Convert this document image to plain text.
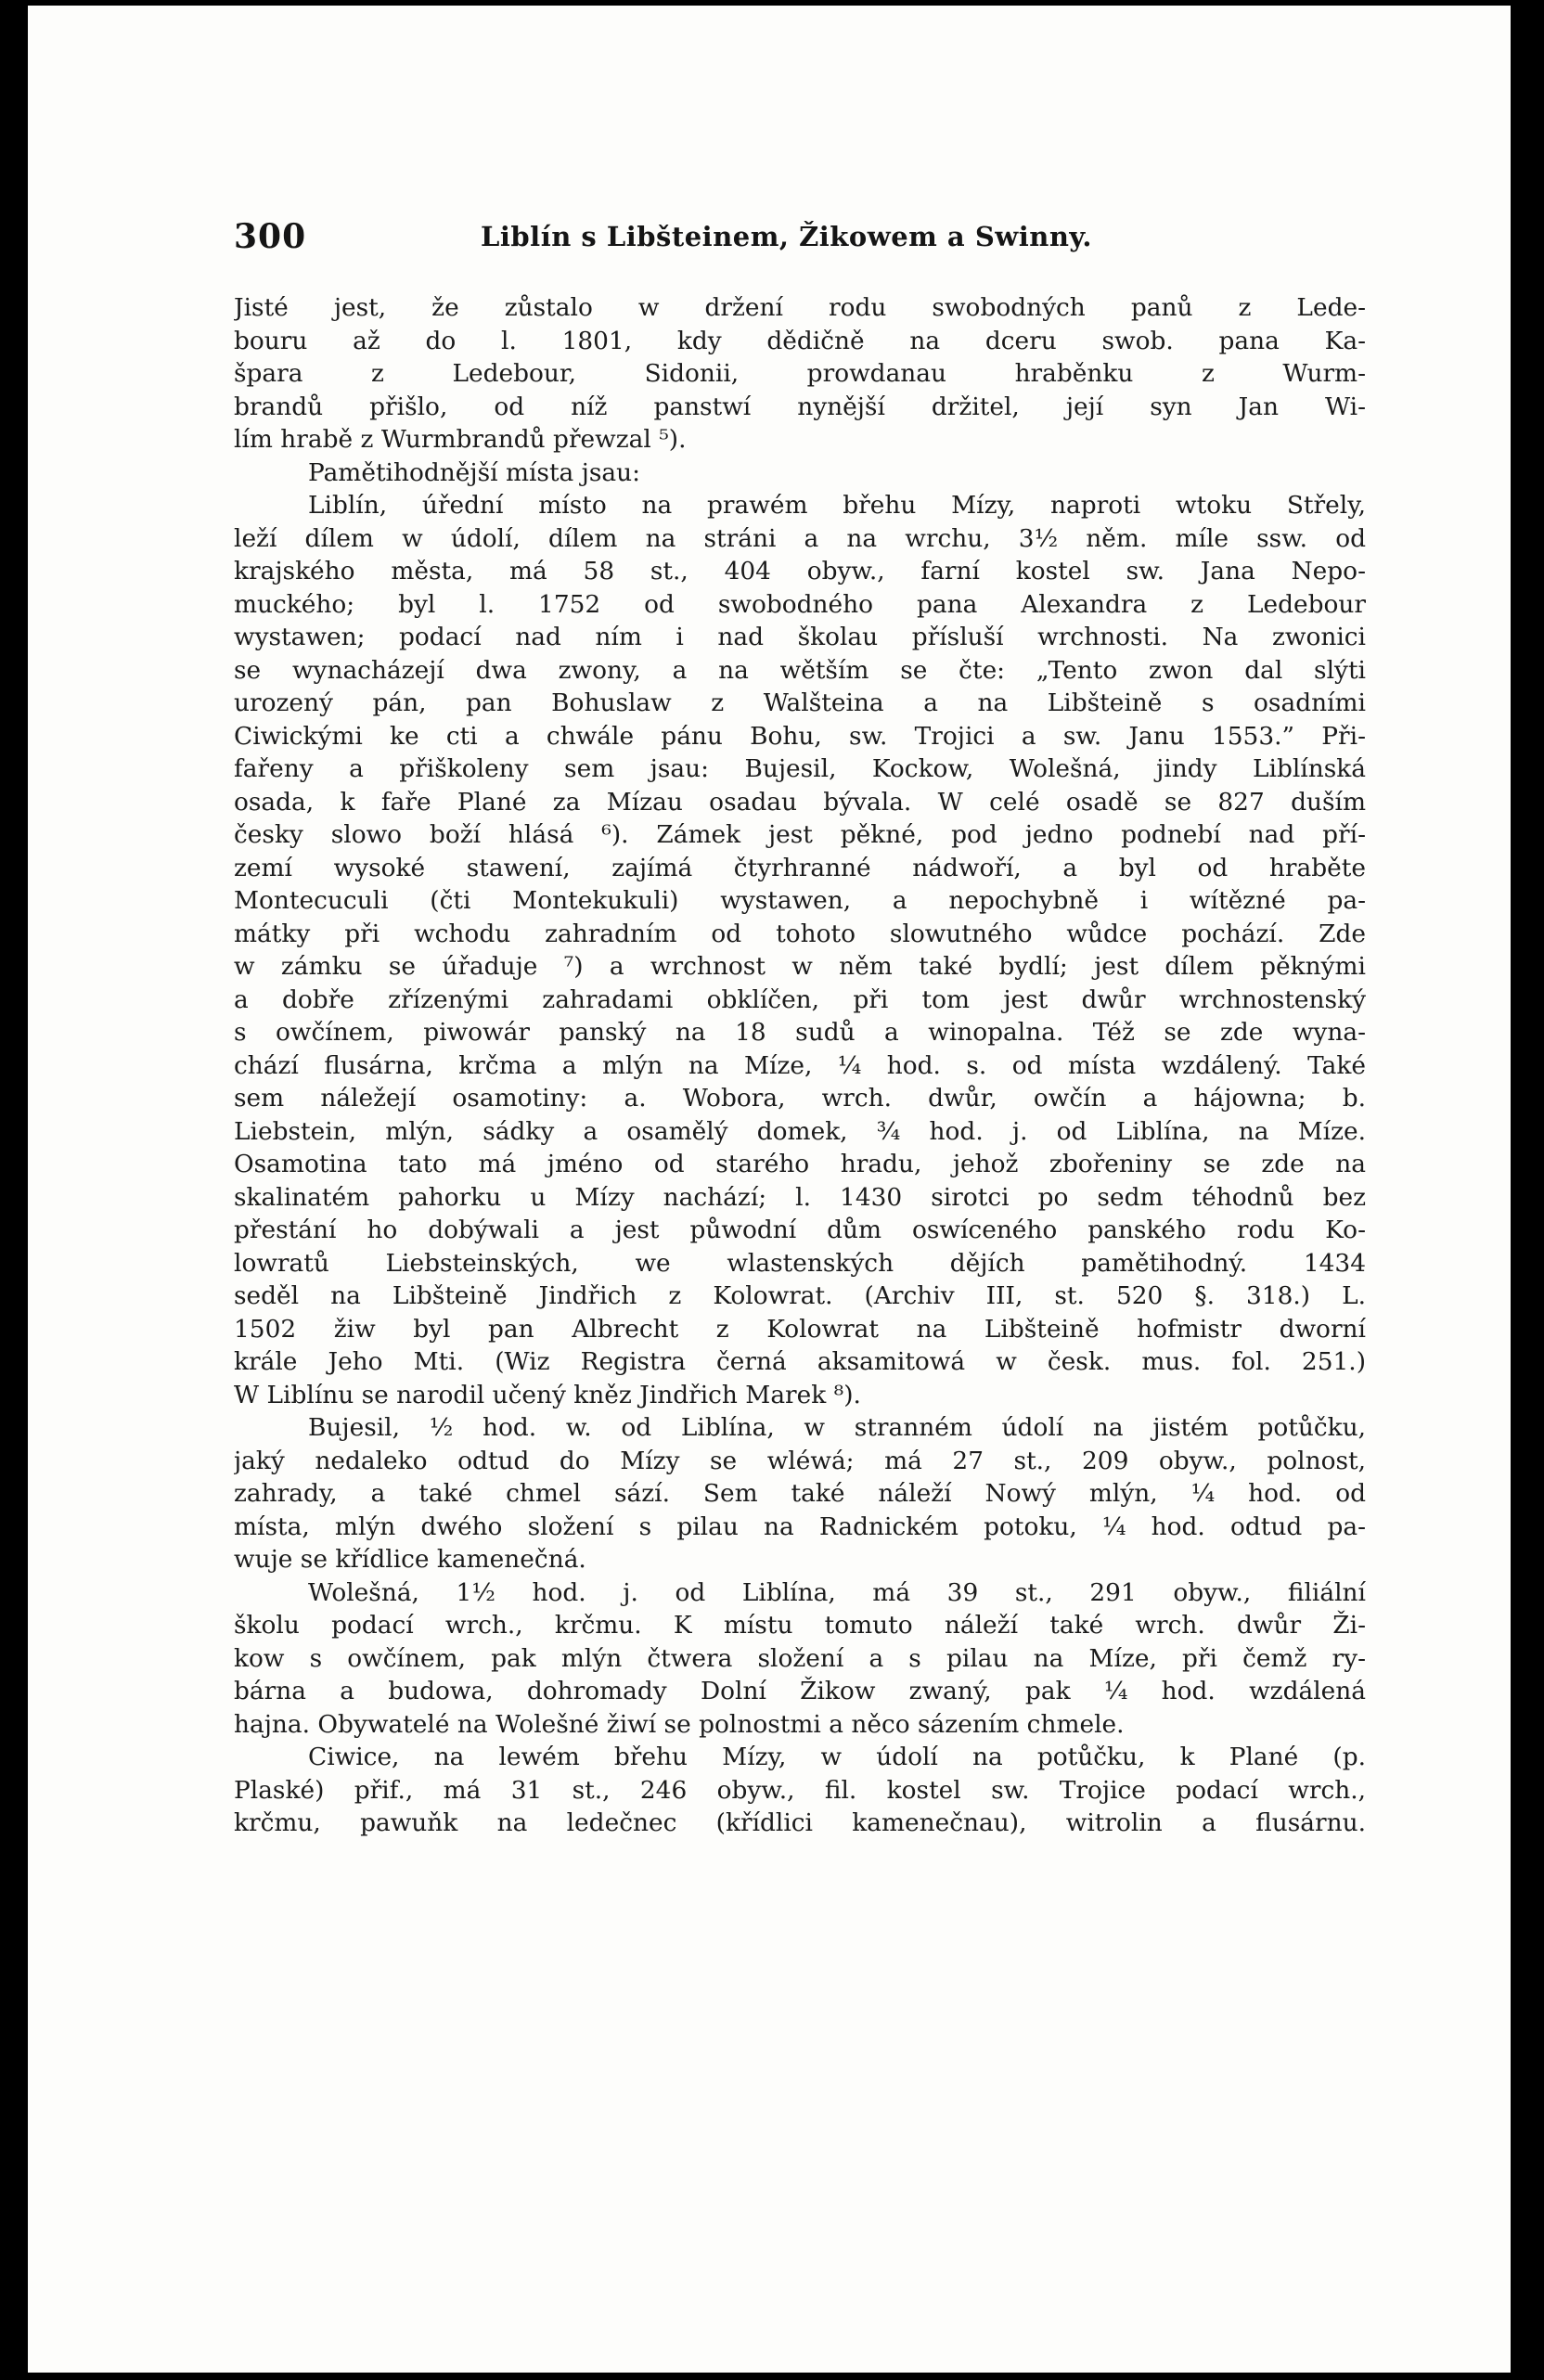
300	Liblín s Libšteinem, Žikowem a Swinny.
Jisté jest, že zůstalo w držení rodu swobodných panů z Lede-
bouru až do l. 1801, kdy dědičně na dceru swob. pana Ka-
špara z Ledebour, Sidonii, prowdanau hraběnku z Wurm-
brandů přišlo, od níž panstwí nynější držitel, její syn Jan Wi-
lím hrabě z Wurmbrandů přewzal ⁵).
Pamětihodnější místa jsau:
Liblín, úřední místo na prawém břehu Mízy, naproti wtoku Střely,
leží dílem w údolí, dílem na stráni a na wrchu, 3½ něm. míle ssw. od
krajského města, má 58 st., 404 obyw., farní kostel sw. Jana Nepo-
muckého; byl l. 1752 od swobodného pana Alexandra z Ledebour
wystawen; podací nad ním i nad školau přísluší wrchnosti. Na zwonici
se wynacházejí dwa zwony, a na wětším se čte: „Tento zwon dal slýti
urozený pán, pan Bohuslaw z Walšteina a na Libšteině s osadními
Ciwickými ke cti a chwále pánu Bohu, sw. Trojici a sw. Janu 1553.” Při-
fařeny a přiškoleny sem jsau: Bujesil, Kockow, Wolešná, jindy Liblínská
osada, k faře Plané za Mízau osadau bývala. W celé osadě se 827 duším
česky slowo boží hlásá ⁶). Zámek jest pěkné, pod jedno podnebí nad pří-
zemí wysoké stawení, zajímá čtyrhranné nádwoří, a byl od hraběte
Montecuculi (čti Montekukuli) wystawen, a nepochybně i wítězné pa-
mátky při wchodu zahradním od tohoto slowutného wůdce pochází. Zde
w zámku se úřaduje ⁷) a wrchnost w něm také bydlí; jest dílem pěknými
a dobře zřízenými zahradami obklíčen, při tom jest dwůr wrchnostenský
s owčínem, piwowár panský na 18 sudů a winopalna. Též se zde wyna-
chází flusárna, krčma a mlýn na Míze, ¼ hod. s. od místa wzdálený. Také
sem náležejí osamotiny: a. Wobora, wrch. dwůr, owčín a hájowna; b.
Liebstein, mlýn, sádky a osamělý domek, ¾ hod. j. od Liblína, na Míze.
Osamotina tato má jméno od starého hradu, jehož zbořeniny se zde na
skalinatém pahorku u Mízy nachází; l. 1430 sirotci po sedm téhodnů bez
přestání ho dobýwali a jest půwodní dům oswíceného panského rodu Ko-
lowratů Liebsteinských, we wlastenských dějích pamětihodný. 1434
seděl na Libšteině Jindřich z Kolowrat. (Archiv III, st. 520 §. 318.) L.
1502 žiw byl pan Albrecht z Kolowrat na Libšteině hofmistr dworní
krále Jeho Mti. (Wiz Registra černá aksamitowá w česk. mus. fol. 251.)
W Liblínu se narodil učený kněz Jindřich Marek ⁸).
Bujesil, ½ hod. w. od Liblína, w stranném údolí na jistém potůčku,
jaký nedaleko odtud do Mízy se wléwá; má 27 st., 209 obyw., polnost,
zahrady, a také chmel sází. Sem také náleží Nowý mlýn, ¼ hod. od
místa, mlýn dwého složení s pilau na Radnickém potoku, ¼ hod. odtud pa-
wuje se křídlice kamenečná.
Wolešná, 1½ hod. j. od Liblína, má 39 st., 291 obyw., filiální
školu podací wrch., krčmu. K místu tomuto náleží také wrch. dwůr Ži-
kow s owčínem, pak mlýn čtwera složení a s pilau na Míze, při čemž ry-
bárna a budowa, dohromady Dolní Žikow zwaný, pak ¼ hod. wzdálená
hajna. Obywatelé na Wolešné žiwí se polnostmi a něco sázením chmele.
Ciwice, na lewém břehu Mízy, w údolí na potůčku, k Plané (p.
Plaské) přif., má 31 st., 246 obyw., fil. kostel sw. Trojice podací wrch.,
krčmu, pawuňk na ledečnec (křídlici kamenečnau), witrolin a flusárnu.
